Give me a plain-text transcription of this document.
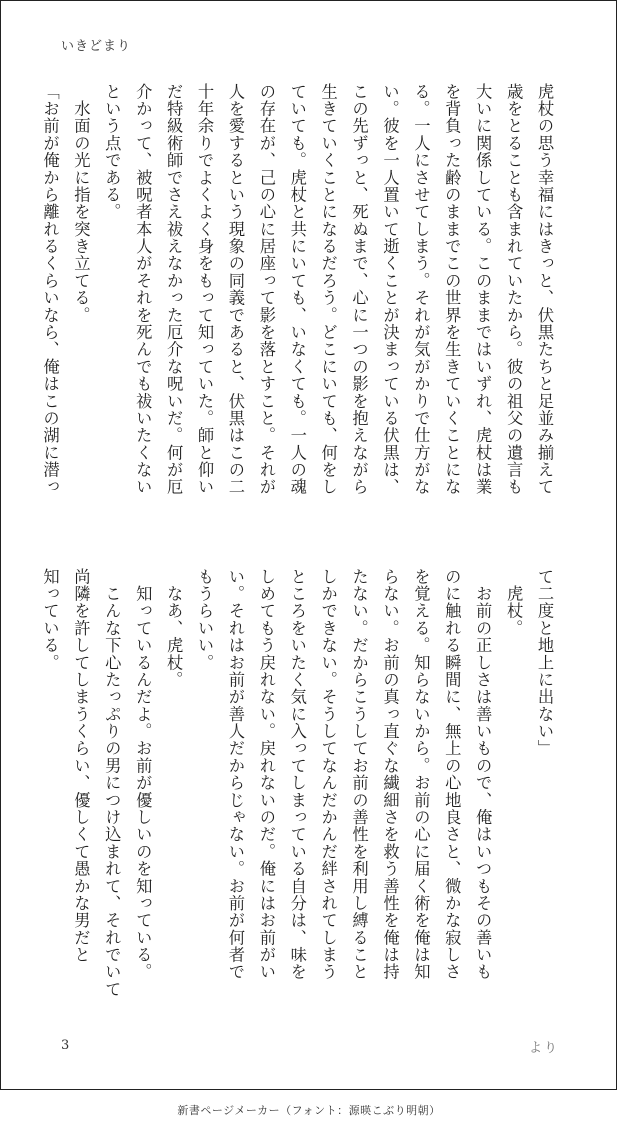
いきどまり
虎杖の思う幸福にはきっと、伏黒たちと足並み揃えて
歳をとることも含まれていたから。彼の祖父の遺言も
大いに関係している。このままではいずれ、虎杖は業
を背負った齢のままでこの世界を生きていくことにな
る。一人にさせてしまう。それが気がかりで仕方がな
い。彼を一人置いて逝くことが決まっている伏黒は、
この先ずっと、死ぬまで、心に一つの影を抱えながら
生きていくことになるだろう。どこにいても、何をし
ていても。虎杖と共にいても、いなくても。一人の魂
の存在が、己の心に居座って影を落とすこと。それが
人を愛するという現象の同義であると、伏黒はこの二
十年余りでよくよく身をもって知っていた。師と仰い
だ特級術師でさえ祓えなかった厄介な呪いだ。何が厄
介かって、被呪者本人がそれを死んでも祓いたくない
という点である。
　水面の光に指を突き立てる。
「お前が俺から離れるくらいなら、俺はこの湖に潜っ
て二度と地上に出ない」
　虎杖。
　お前の正しさは善いもので、俺はいつもその善いも
のに触れる瞬間に、無上の心地良さと、微かな寂しさ
を覚える。知らないから。お前の心に届く術を俺は知
らない。お前の真っ直ぐな繊細さを救う善性を俺は持
たない。だからこうしてお前の善性を利用し縛ること
しかできない。そうしてなんだかんだ絆されてしまう
ところをいたく気に入ってしまっている自分は、味を
しめてもう戻れない。戻れないのだ。俺にはお前がい
い。それはお前が善人だからじゃない。お前が何者で
もうらいい。
　なあ、虎杖。
　知っているんだよ。お前が優しいのを知っている。
　こんな下心たっぷりの男につけ込まれて、それでいて
尚隣を許してしまうくらい、優しくて愚かな男だと
知っている。
3	より
新書ページメーカー（フォント：源暎こぶり明朝）
